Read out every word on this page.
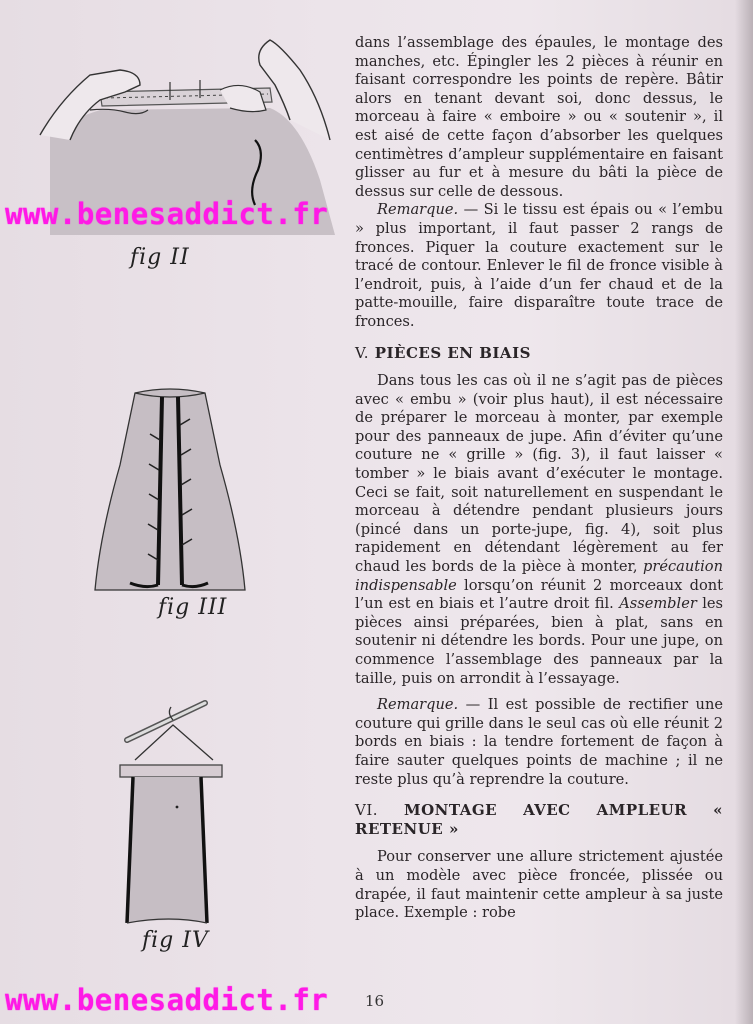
fig II
fig III
fig IV
www.benesaddict.fr
www.benesaddict.fr

dans l’assemblage des épaules, le montage des manches, etc. Épingler les 2 pièces à réunir en faisant correspondre les points de repère. Bâtir alors en tenant devant soi, donc dessus, le morceau à faire « emboire » ou « soutenir », il est aisé de cette façon d’absorber les quelques centimètres d’ampleur supplémentaire en faisant glisser au fur et à mesure du bâti la pièce de dessus sur celle de dessous.

Remarque. — Si le tissu est épais ou « l’embu » plus important, il faut passer 2 rangs de fronces. Piquer la couture exactement sur le tracé de contour. Enlever le fil de fronce visible à l’endroit, puis, à l’aide d’un fer chaud et de la patte-mouille, faire disparaître toute trace de fronces.

V. PIÈCES EN BIAIS

Dans tous les cas où il ne s’agit pas de pièces avec « embu » (voir plus haut), il est nécessaire de préparer le morceau à monter, par exemple pour des panneaux de jupe. Afin d’éviter qu’une couture ne « grille » (fig. 3), il faut laisser « tomber » le biais avant d’exécuter le montage. Ceci se fait, soit naturellement en suspendant le morceau à détendre pendant plusieurs jours (pincé dans un porte-jupe, fig. 4), soit plus rapidement en détendant légèrement au fer chaud les bords de la pièce à monter, précaution indispensable lorsqu’on réunit 2 morceaux dont l’un est en biais et l’autre droit fil. Assembler les pièces ainsi préparées, bien à plat, sans en soutenir ni détendre les bords. Pour une jupe, on commence l’assemblage des panneaux par la taille, puis on arrondit à l’essayage.

Remarque. — Il est possible de rectifier une couture qui grille dans le seul cas où elle réunit 2 bords en biais : la tendre fortement de façon à faire sauter quelques points de machine ; il ne reste plus qu’à reprendre la couture.

VI. MONTAGE AVEC AMPLEUR « RETENUE »

Pour conserver une allure strictement ajustée à un modèle avec pièce froncée, plissée ou drapée, il faut maintenir cette ampleur à sa juste place. Exemple : robe

16
